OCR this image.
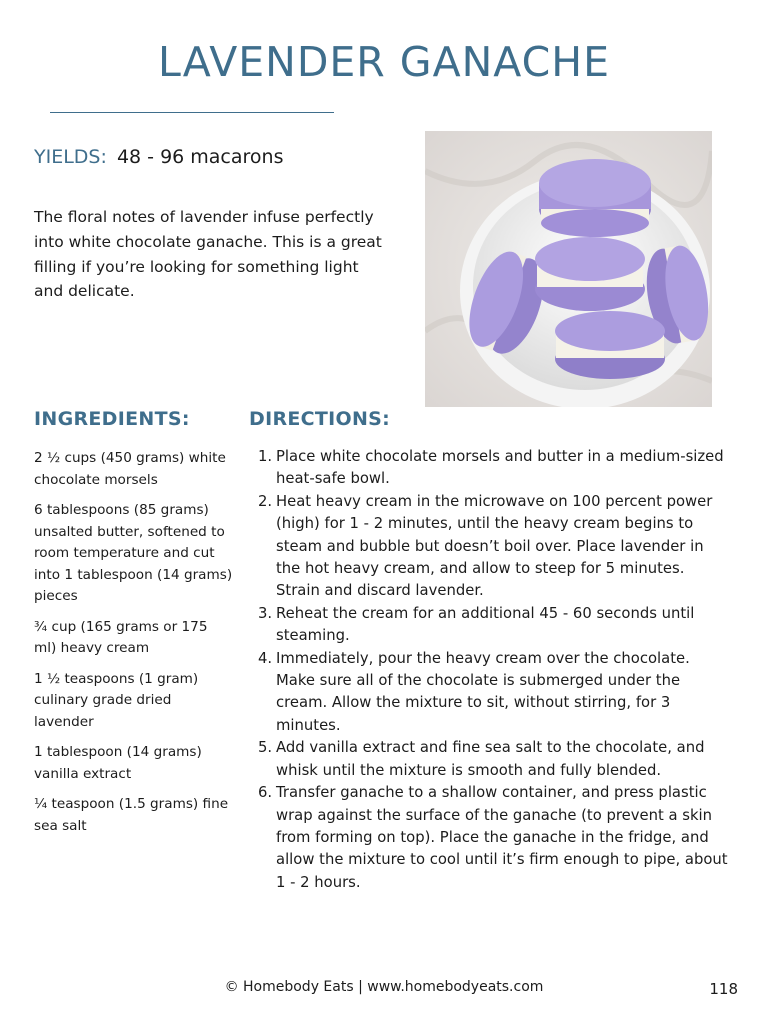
LAVENDER GANACHE
YIELDS: 48 - 96 macarons

The floral notes of lavender infuse perfectly into white chocolate ganache. This is a great filling if you’re looking for something light and delicate.

INGREDIENTS:	DIRECTIONS:
2 ½ cups (450 grams) white chocolate morsels
6 tablespoons (85 grams) unsalted butter, softened to room temperature and cut into 1 tablespoon (14 grams) pieces
¾ cup (165 grams or 175 ml) heavy cream
1 ½ teaspoons (1 gram) culinary grade dried lavender
1 tablespoon (14 grams) vanilla extract
¼ teaspoon (1.5 grams) fine sea salt
1. Place white chocolate morsels and butter in a medium-sized heat-safe bowl.
2. Heat heavy cream in the microwave on 100 percent power (high) for 1 - 2 minutes, until the heavy cream begins to steam and bubble but doesn’t boil over. Place lavender in the hot heavy cream, and allow to steep for 5 minutes. Strain and discard lavender.
3. Reheat the cream for an additional 45 - 60 seconds until steaming.
4. Immediately, pour the heavy cream over the chocolate. Make sure all of the chocolate is submerged under the cream. Allow the mixture to sit, without stirring, for 3 minutes.
5. Add vanilla extract and fine sea salt to the chocolate, and whisk until the mixture is smooth and fully blended.
6. Transfer ganache to a shallow container, and press plastic wrap against the surface of the ganache (to prevent a skin from forming on top). Place the ganache in the fridge, and allow the mixture to cool until it’s firm enough to pipe, about 1 - 2 hours.
© Homebody Eats | www.homebodyeats.com	118
